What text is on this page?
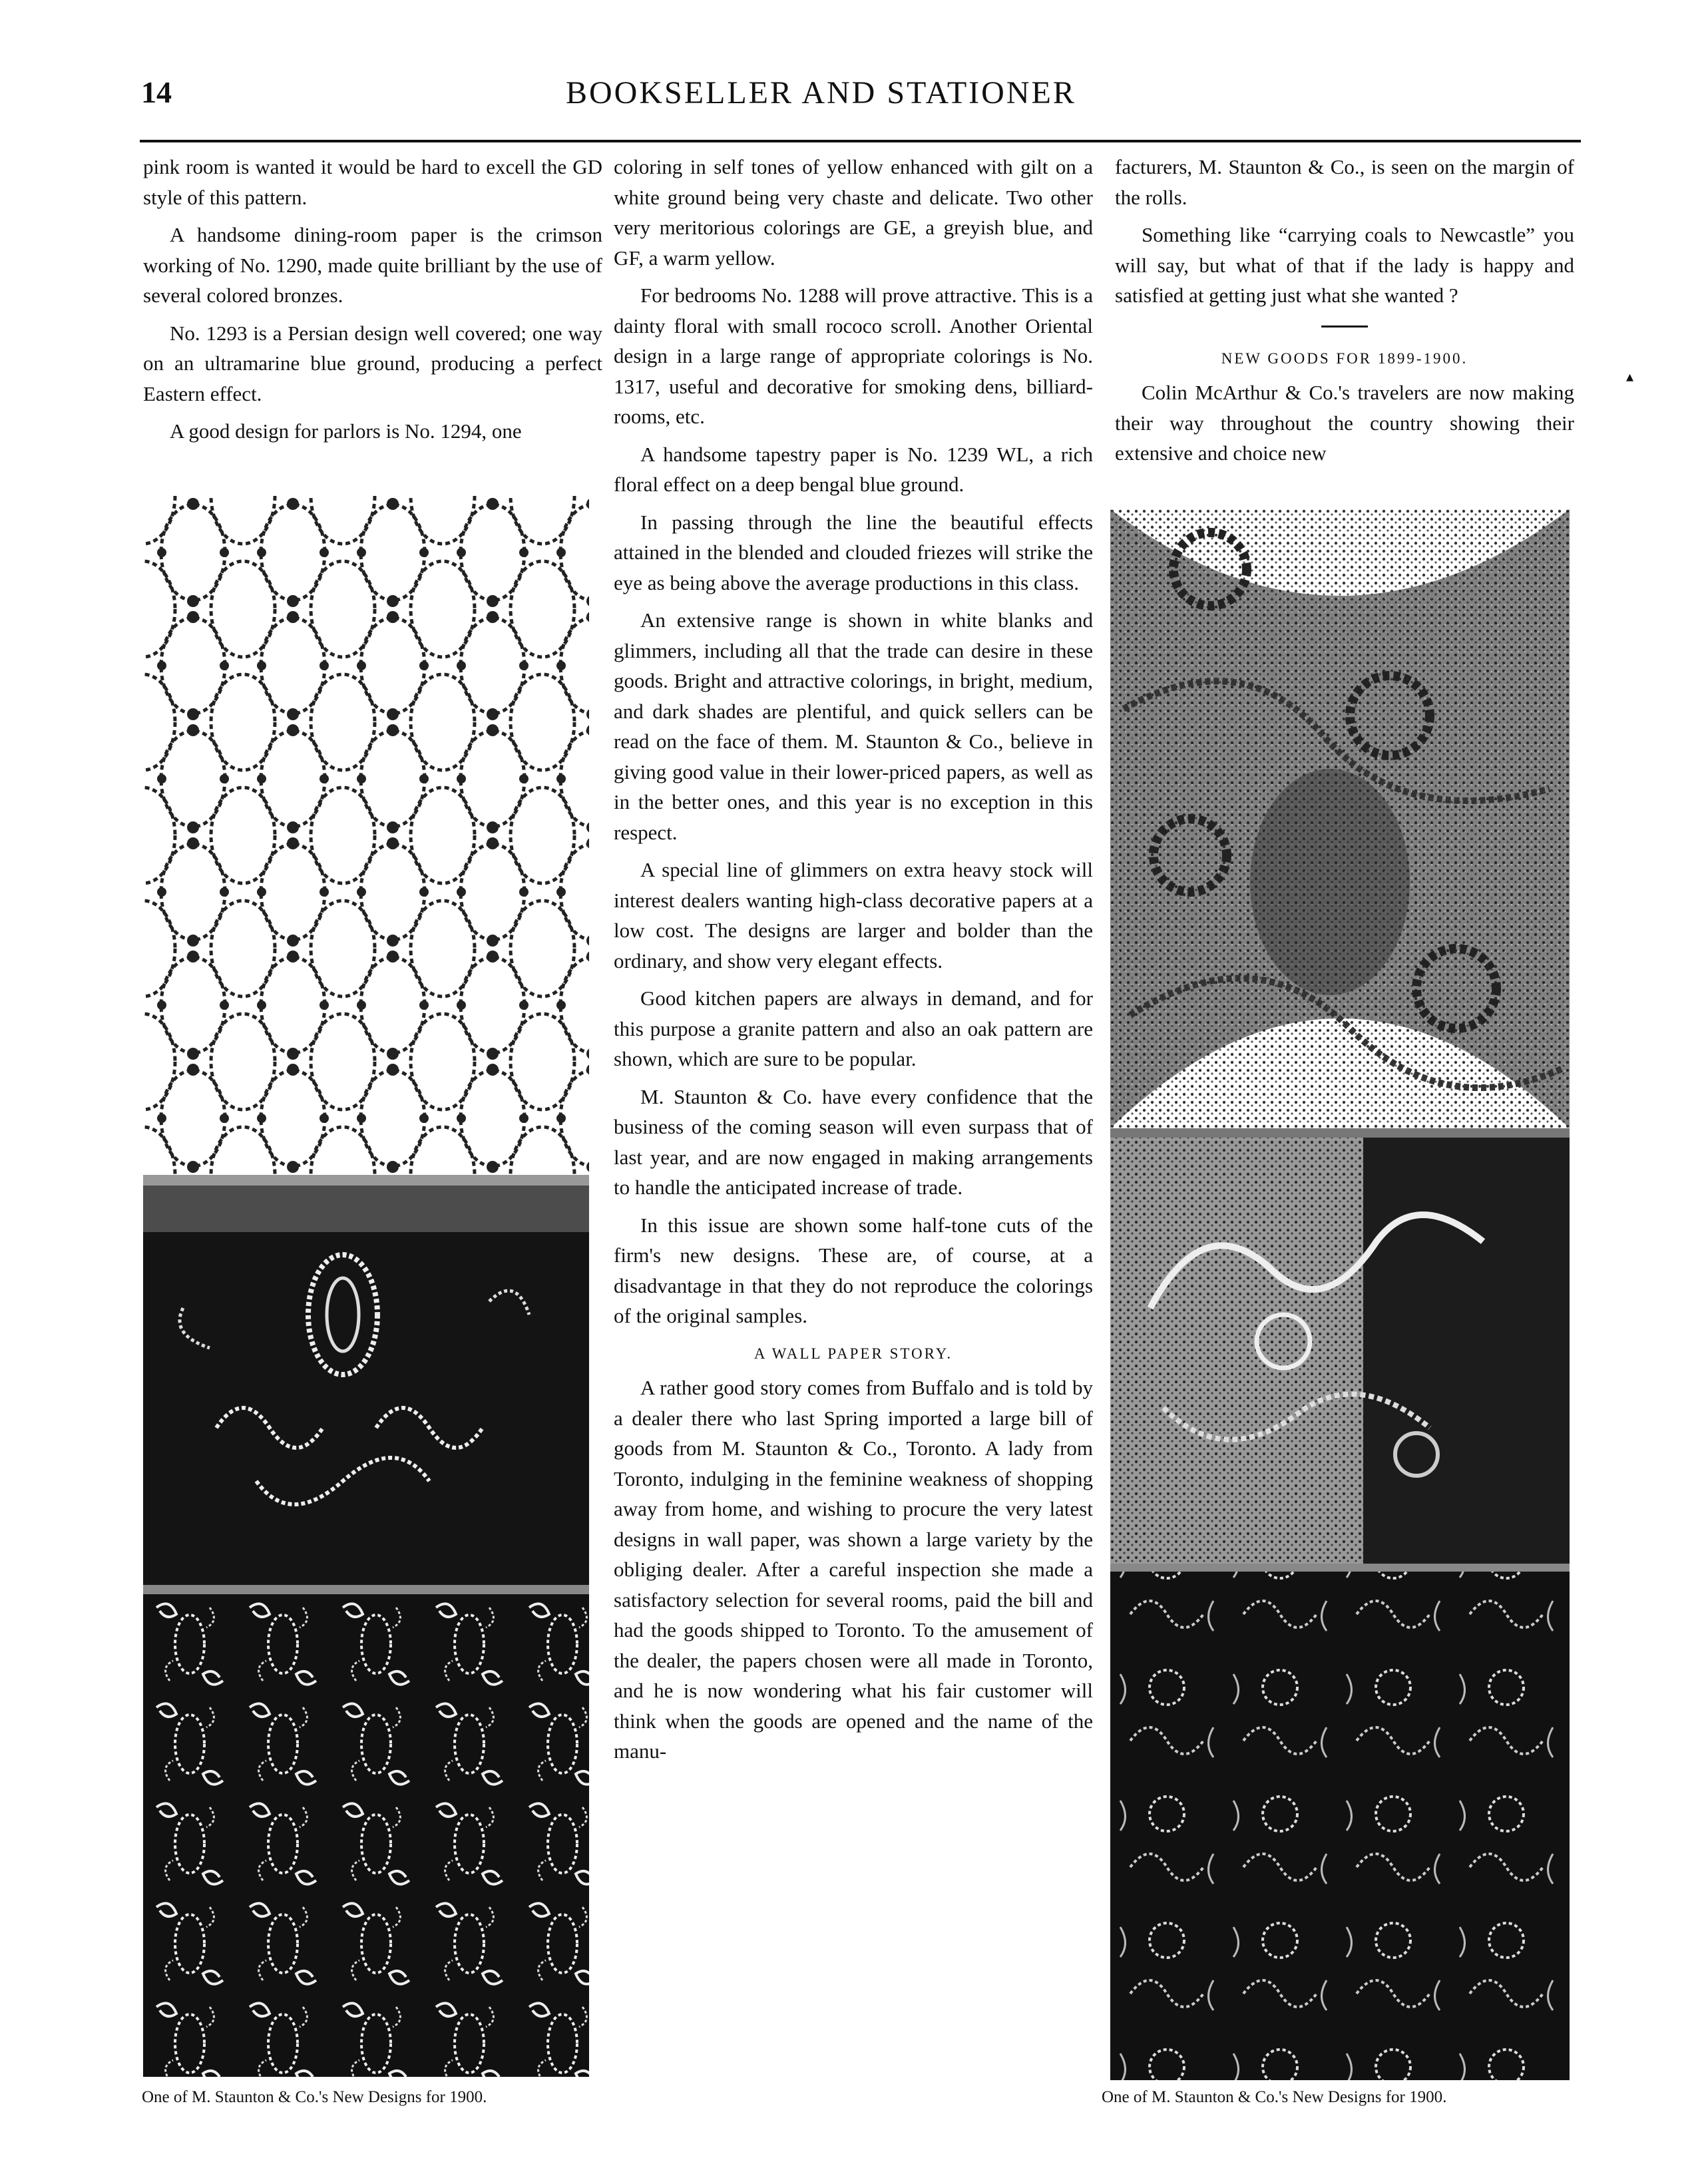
14	BOOKSELLER AND STATIONER

pink room is wanted it would be hard to excell the GD style of this pattern.

A handsome dining-room paper is the crimson working of No. 1290, made quite brilliant by the use of several colored bronzes.

No. 1293 is a Persian design well covered; one way on an ultramarine blue ground, producing a perfect Eastern effect.

A good design for parlors is No. 1294, one

coloring in self tones of yellow enhanced with gilt on a white ground being very chaste and delicate. Two other very meritorious colorings are GE, a greyish blue, and GF, a warm yellow.

For bedrooms No. 1288 will prove attractive. This is a dainty floral with small rococo scroll. Another Oriental design in a large range of appropriate colorings is No. 1317, useful and decorative for smoking dens, billiard-rooms, etc.

A handsome tapestry paper is No. 1239 WL, a rich floral effect on a deep bengal blue ground.

In passing through the line the beautiful effects attained in the blended and clouded friezes will strike the eye as being above the average productions in this class.

An extensive range is shown in white blanks and glimmers, including all that the trade can desire in these goods. Bright and attractive colorings, in bright, medium, and dark shades are plentiful, and quick sellers can be read on the face of them. M. Staunton & Co., believe in giving good value in their lower-priced papers, as well as in the better ones, and this year is no exception in this respect.

A special line of glimmers on extra heavy stock will interest dealers wanting high-class decorative papers at a low cost. The designs are larger and bolder than the ordinary, and show very elegant effects.

Good kitchen papers are always in demand, and for this purpose a granite pattern and also an oak pattern are shown, which are sure to be popular.

M. Staunton & Co. have every confidence that the business of the coming season will even surpass that of last year, and are now engaged in making arrangements to handle the anticipated increase of trade.

In this issue are shown some half-tone cuts of the firm's new designs. These are, of course, at a disadvantage in that they do not reproduce the colorings of the original samples.

A WALL PAPER STORY.

A rather good story comes from Buffalo and is told by a dealer there who last Spring imported a large bill of goods from M. Staunton & Co., Toronto. A lady from Toronto, indulging in the feminine weakness of shopping away from home, and wishing to procure the very latest designs in wall paper, was shown a large variety by the obliging dealer. After a careful inspection she made a satisfactory selection for several rooms, paid the bill and had the goods shipped to Toronto. To the amusement of the dealer, the papers chosen were all made in Toronto, and he is now wondering what his fair customer will think when the goods are opened and the name of the manu-

facturers, M. Staunton & Co., is seen on the margin of the rolls.

Something like “carrying coals to Newcastle” you will say, but what of that if the lady is happy and satisfied at getting just what she wanted ?

NEW GOODS FOR 1899-1900.

Colin McArthur & Co.'s travelers are now making their way throughout the country showing their extensive and choice new

One of M. Staunton & Co.'s New Designs for 1900.	One of M. Staunton & Co.'s New Designs for 1900.
▴
